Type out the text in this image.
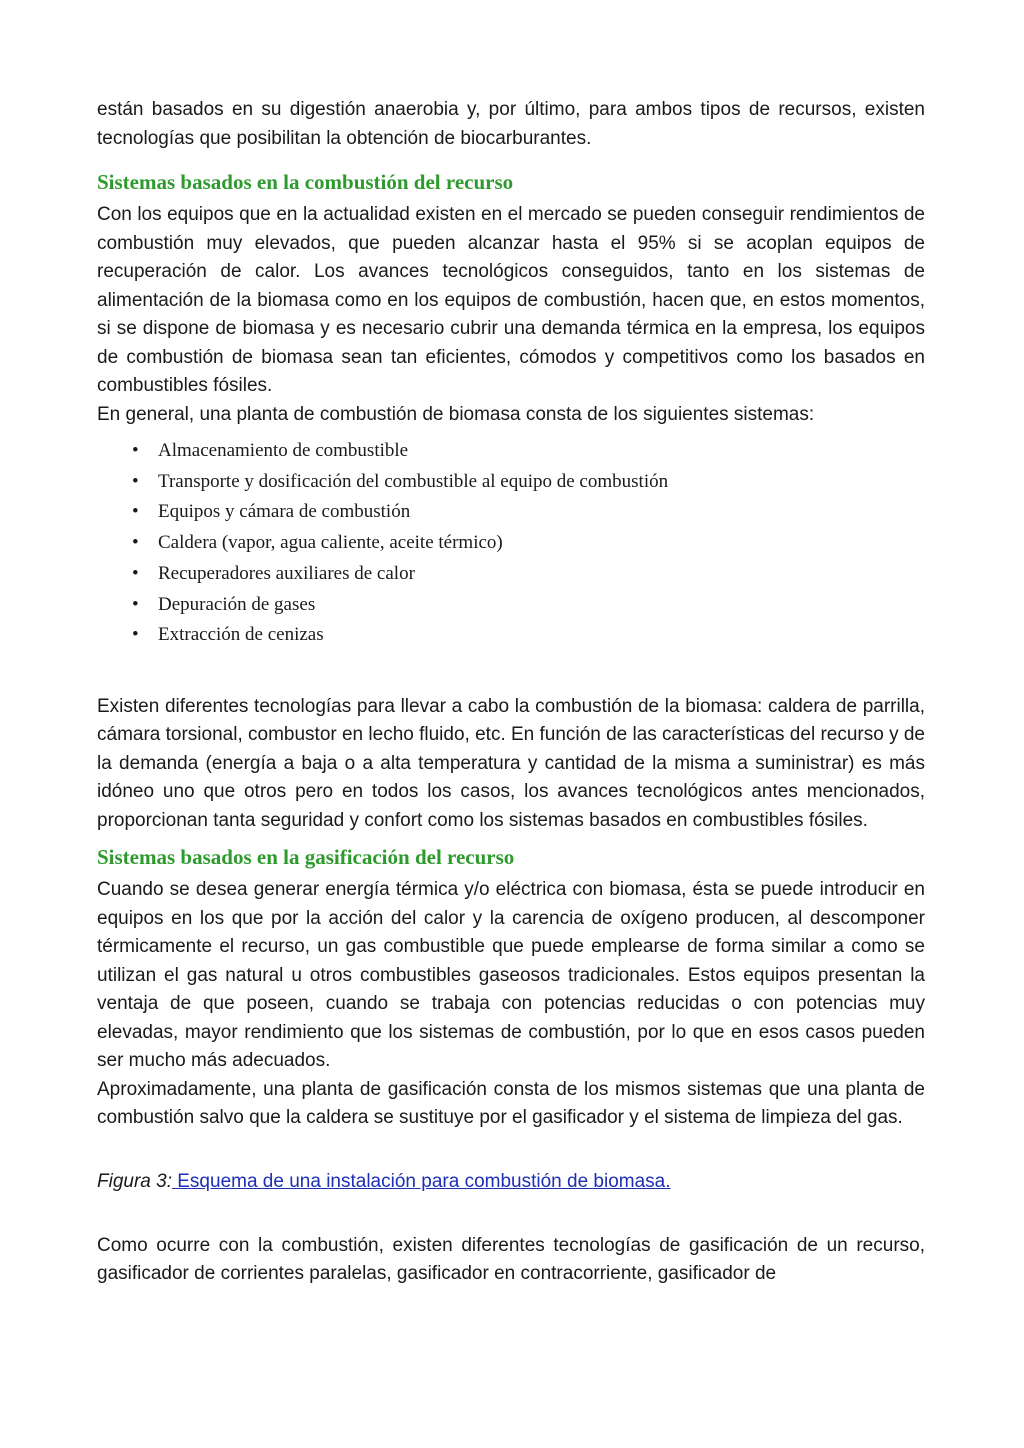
están basados en su digestión anaerobia y, por último, para ambos tipos de recursos, existen tecnologías que posibilitan la obtención de biocarburantes.

Sistemas basados en la combustión del recurso

Con los equipos que en la actualidad existen en el mercado se pueden conseguir rendimientos de combustión muy elevados, que pueden alcanzar hasta el 95% si se acoplan equipos de recuperación de calor. Los avances tecnológicos conseguidos, tanto en los sistemas de alimentación de la biomasa como en los equipos de combustión, hacen que, en estos momentos, si se dispone de biomasa y es necesario cubrir una demanda térmica en la empresa, los equipos de combustión de biomasa sean tan eficientes, cómodos y competitivos como los basados en combustibles fósiles.

En general, una planta de combustión de biomasa consta de los siguientes sistemas:

• Almacenamiento de combustible
• Transporte y dosificación del combustible al equipo de combustión
• Equipos y cámara de combustión
• Caldera (vapor, agua caliente, aceite térmico)
• Recuperadores auxiliares de calor
• Depuración de gases
• Extracción de cenizas

Existen diferentes tecnologías para llevar a cabo la combustión de la biomasa: caldera de parrilla, cámara torsional, combustor en lecho fluido, etc. En función de las características del recurso y de la demanda (energía a baja o a alta temperatura y cantidad de la misma a suministrar) es más idóneo uno que otros pero en todos los casos, los avances tecnológicos antes mencionados, proporcionan tanta seguridad y confort como los sistemas basados en combustibles fósiles.

Sistemas basados en la gasificación del recurso

Cuando se desea generar energía térmica y/o eléctrica con biomasa, ésta se puede introducir en equipos en los que por la acción del calor y la carencia de oxígeno producen, al descomponer térmicamente el recurso, un gas combustible que puede emplearse de forma similar a como se utilizan el gas natural u otros combustibles gaseosos tradicionales. Estos equipos presentan la ventaja de que poseen, cuando se trabaja con potencias reducidas o con potencias muy elevadas, mayor rendimiento que los sistemas de combustión, por lo que en esos casos pueden ser mucho más adecuados.

Aproximadamente, una planta de gasificación consta de los mismos sistemas que una planta de combustión salvo que la caldera se sustituye por el gasificador y el sistema de limpieza del gas.

Figura 3: Esquema de una instalación para combustión de biomasa.

Como ocurre con la combustión, existen diferentes tecnologías de gasificación de un recurso, gasificador de corrientes paralelas, gasificador en contracorriente, gasificador de
